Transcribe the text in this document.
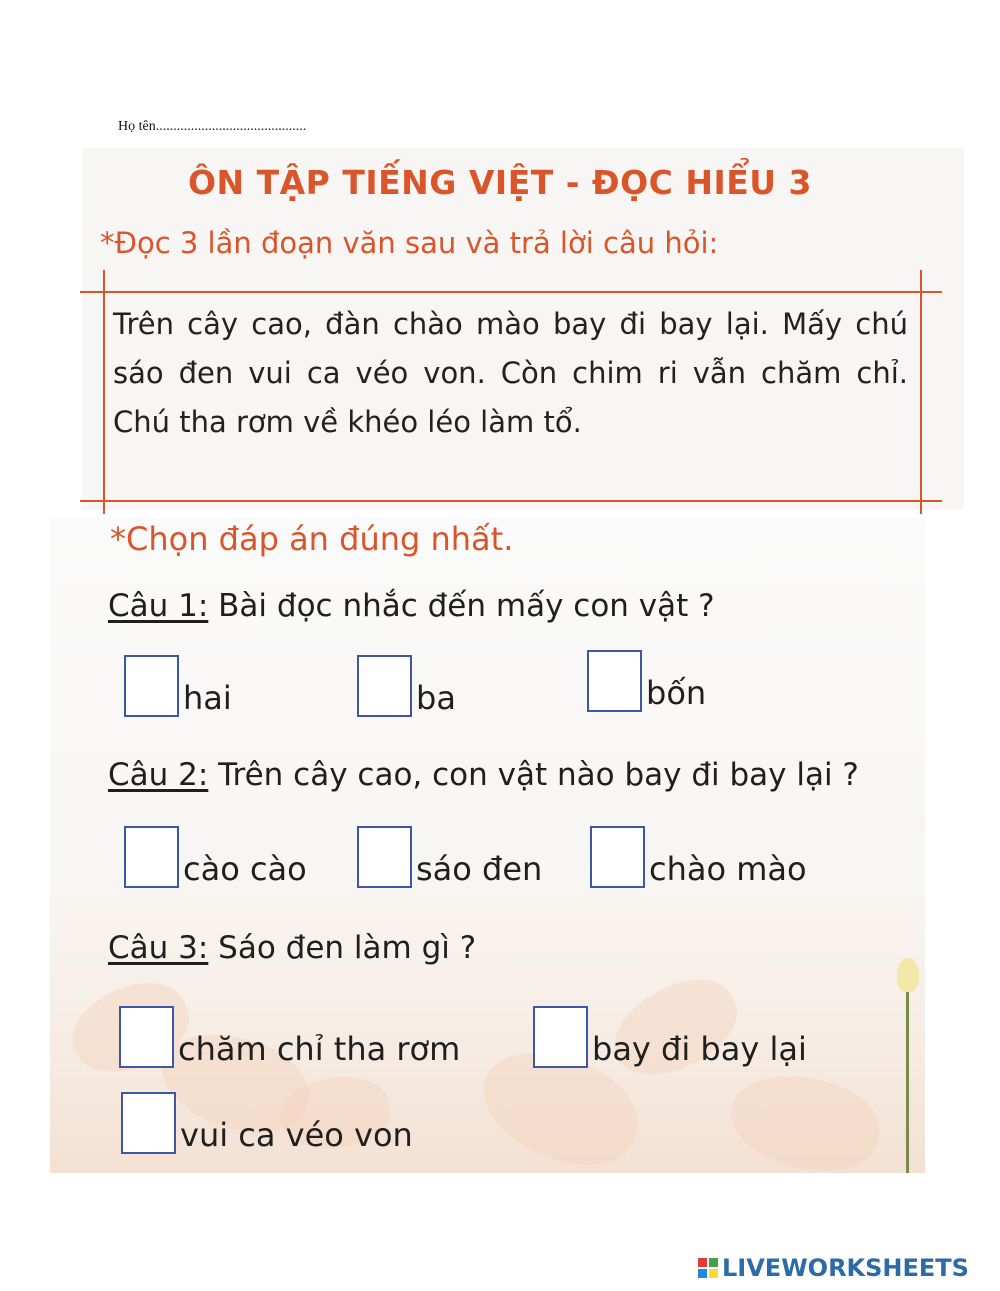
Họ tên...........................................
ÔN TẬP TIẾNG VIỆT - ĐỌC HIỂU 3
*Đọc 3 lần đoạn văn sau và trả lời câu hỏi:
Trên cây cao, đàn chào mào bay đi bay lại. Mấy chú sáo đen vui ca véo von. Còn chim ri vẫn chăm chỉ. Chú tha rơm về khéo léo làm tổ.
*Chọn đáp án đúng nhất.
Câu 1: Bài đọc nhắc đến mấy con vật ?
hai	ba	bốn
Câu 2: Trên cây cao, con vật nào bay đi bay lại ?
cào cào	sáo đen	chào mào
Câu 3: Sáo đen làm gì ?
chăm chỉ tha rơm	bay đi bay lại
vui ca véo von
LIVEWORKSHEETS
